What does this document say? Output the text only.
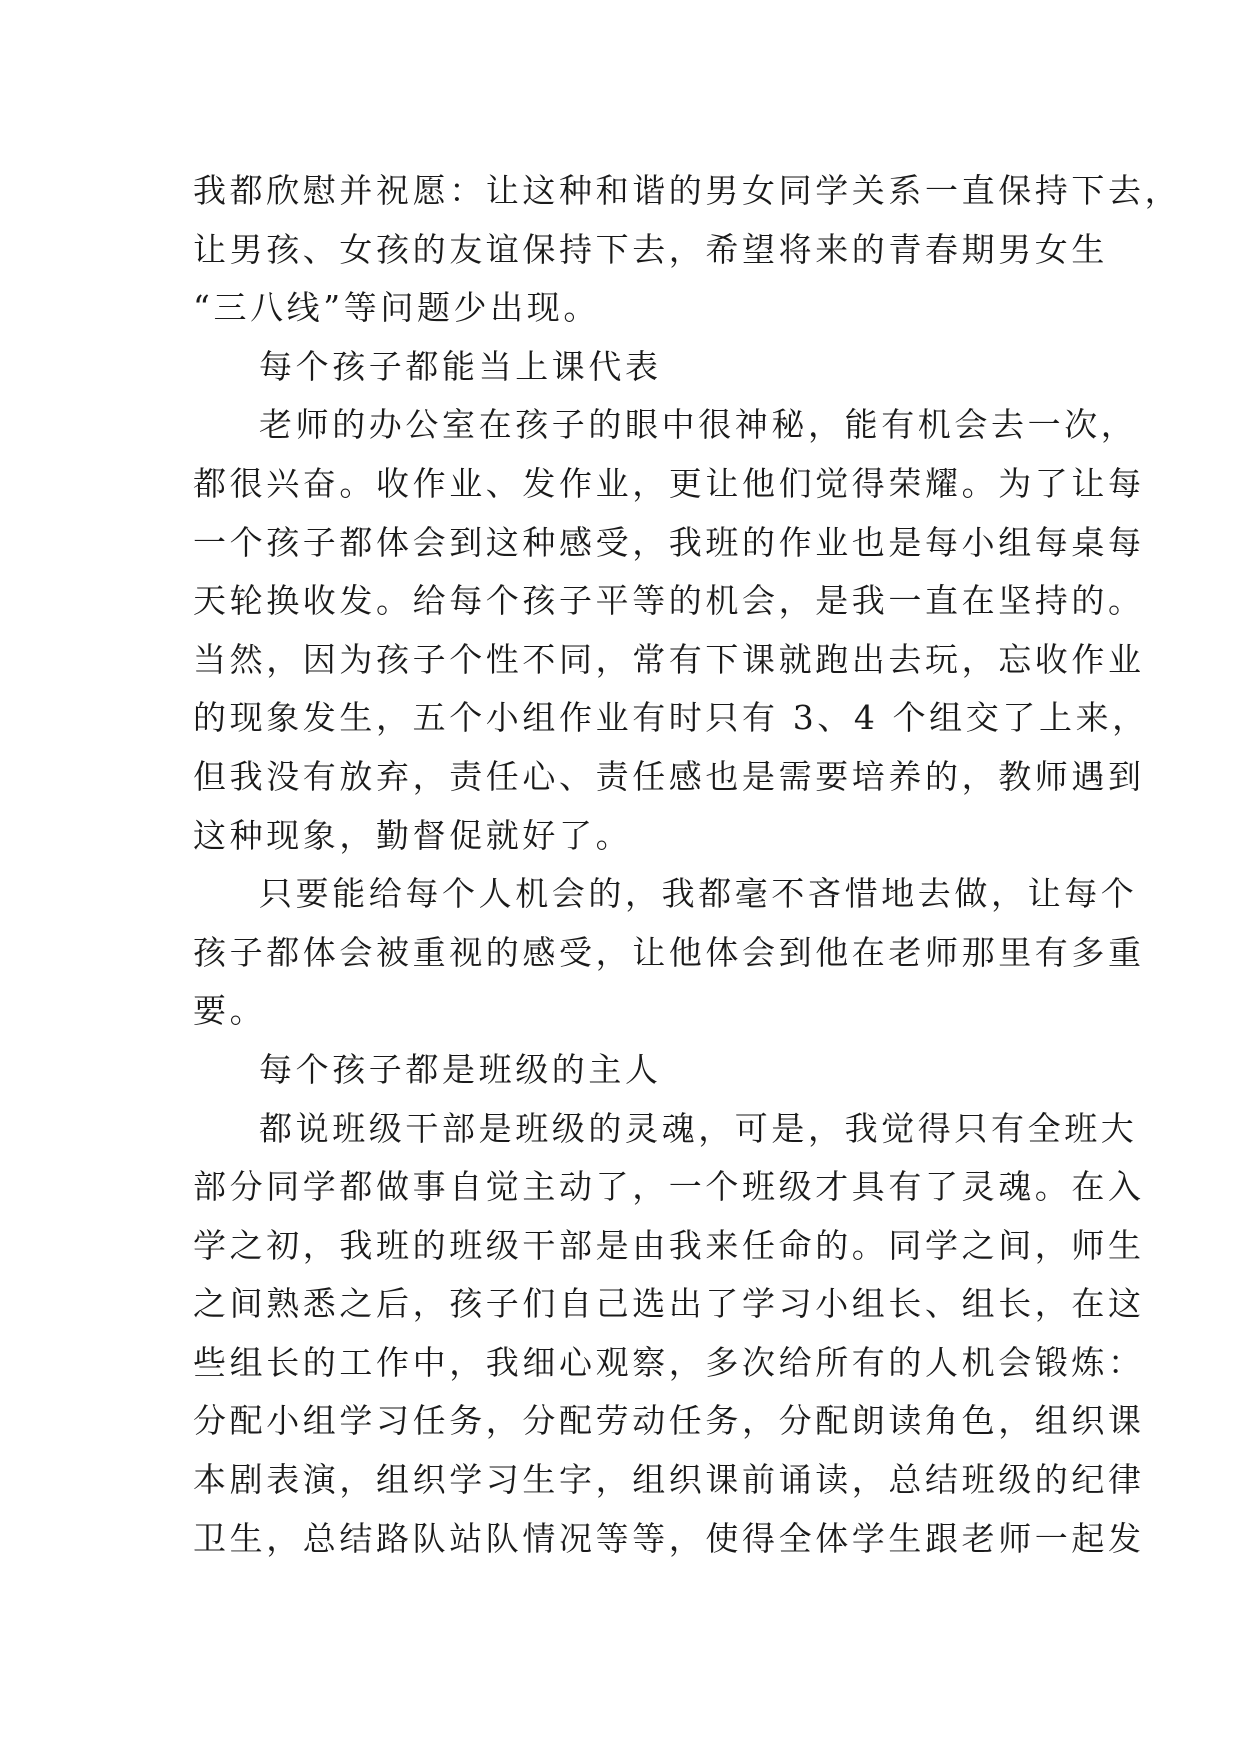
我都欣慰并祝愿：让这种和谐的男女同学关系一直保持下去，
让男孩、女孩的友谊保持下去，希望将来的青春期男女生
“三八线”等问题少出现。
每个孩子都能当上课代表
老师的办公室在孩子的眼中很神秘，能有机会去一次，
都很兴奋。收作业、发作业，更让他们觉得荣耀。为了让每
一个孩子都体会到这种感受，我班的作业也是每小组每桌每
天轮换收发。给每个孩子平等的机会，是我一直在坚持的。
当然，因为孩子个性不同，常有下课就跑出去玩，忘收作业
的现象发生，五个小组作业有时只有 3、4 个组交了上来，
但我没有放弃，责任心、责任感也是需要培养的，教师遇到
这种现象，勤督促就好了。
只要能给每个人机会的，我都毫不吝惜地去做，让每个
孩子都体会被重视的感受，让他体会到他在老师那里有多重
要。
每个孩子都是班级的主人
都说班级干部是班级的灵魂，可是，我觉得只有全班大
部分同学都做事自觉主动了，一个班级才具有了灵魂。在入
学之初，我班的班级干部是由我来任命的。同学之间，师生
之间熟悉之后，孩子们自己选出了学习小组长、组长，在这
些组长的工作中，我细心观察，多次给所有的人机会锻炼：
分配小组学习任务，分配劳动任务，分配朗读角色，组织课
本剧表演，组织学习生字，组织课前诵读，总结班级的纪律
卫生，总结路队站队情况等等，使得全体学生跟老师一起发
